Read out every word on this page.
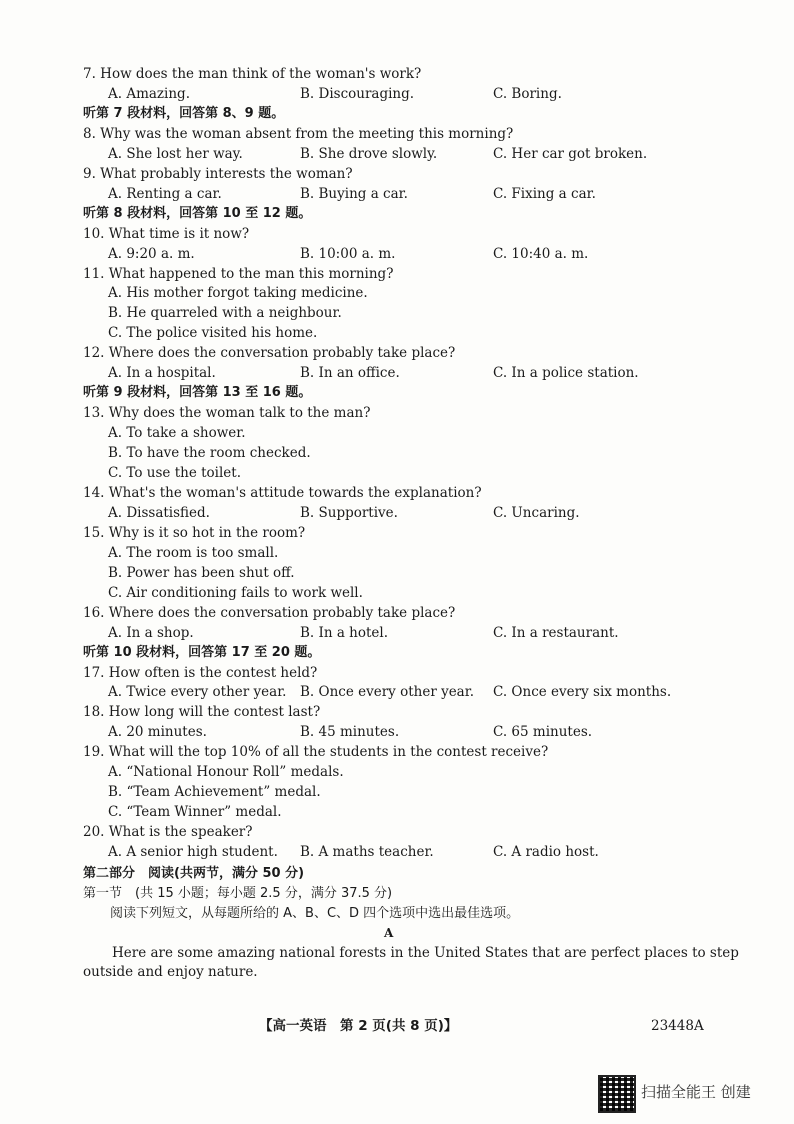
7. How does the man think of the woman's work?
A. Amazing.	B. Discouraging.	C. Boring.
听第 7 段材料，回答第 8、9 题。
8. Why was the woman absent from the meeting this morning?
A. She lost her way.	B. She drove slowly.	C. Her car got broken.
9. What probably interests the woman?
A. Renting a car.	B. Buying a car.	C. Fixing a car.
听第 8 段材料，回答第 10 至 12 题。
10. What time is it now?
A. 9:20 a. m.	B. 10:00 a. m.	C. 10:40 a. m.
11. What happened to the man this morning?
A. His mother forgot taking medicine.
B. He quarreled with a neighbour.
C. The police visited his home.
12. Where does the conversation probably take place?
A. In a hospital.	B. In an office.	C. In a police station.
听第 9 段材料，回答第 13 至 16 题。
13. Why does the woman talk to the man?
A. To take a shower.
B. To have the room checked.
C. To use the toilet.
14. What's the woman's attitude towards the explanation?
A. Dissatisfied.	B. Supportive.	C. Uncaring.
15. Why is it so hot in the room?
A. The room is too small.
B. Power has been shut off.
C. Air conditioning fails to work well.
16. Where does the conversation probably take place?
A. In a shop.	B. In a hotel.	C. In a restaurant.
听第 10 段材料，回答第 17 至 20 题。
17. How often is the contest held?
A. Twice every other year. B. Once every other year. C. Once every six months.
18. How long will the contest last?
A. 20 minutes.	B. 45 minutes.	C. 65 minutes.
19. What will the top 10% of all the students in the contest receive?
A. “National Honour Roll” medals.
B. “Team Achievement” medal.
C. “Team Winner” medal.
20. What is the speaker?
A. A senior high student. B. A maths teacher.	C. A radio host.
第二部分　阅读(共两节，满分 50 分)
第一节　(共 15 小题；每小题 2.5 分，满分 37.5 分)
阅读下列短文，从每题所给的 A、B、C、D 四个选项中选出最佳选项。
A
Here are some amazing national forests in the United States that are perfect places to step
outside and enjoy nature.
【高一英语　第 2 页(共 8 页)】	23448A
扫描全能王 创建
